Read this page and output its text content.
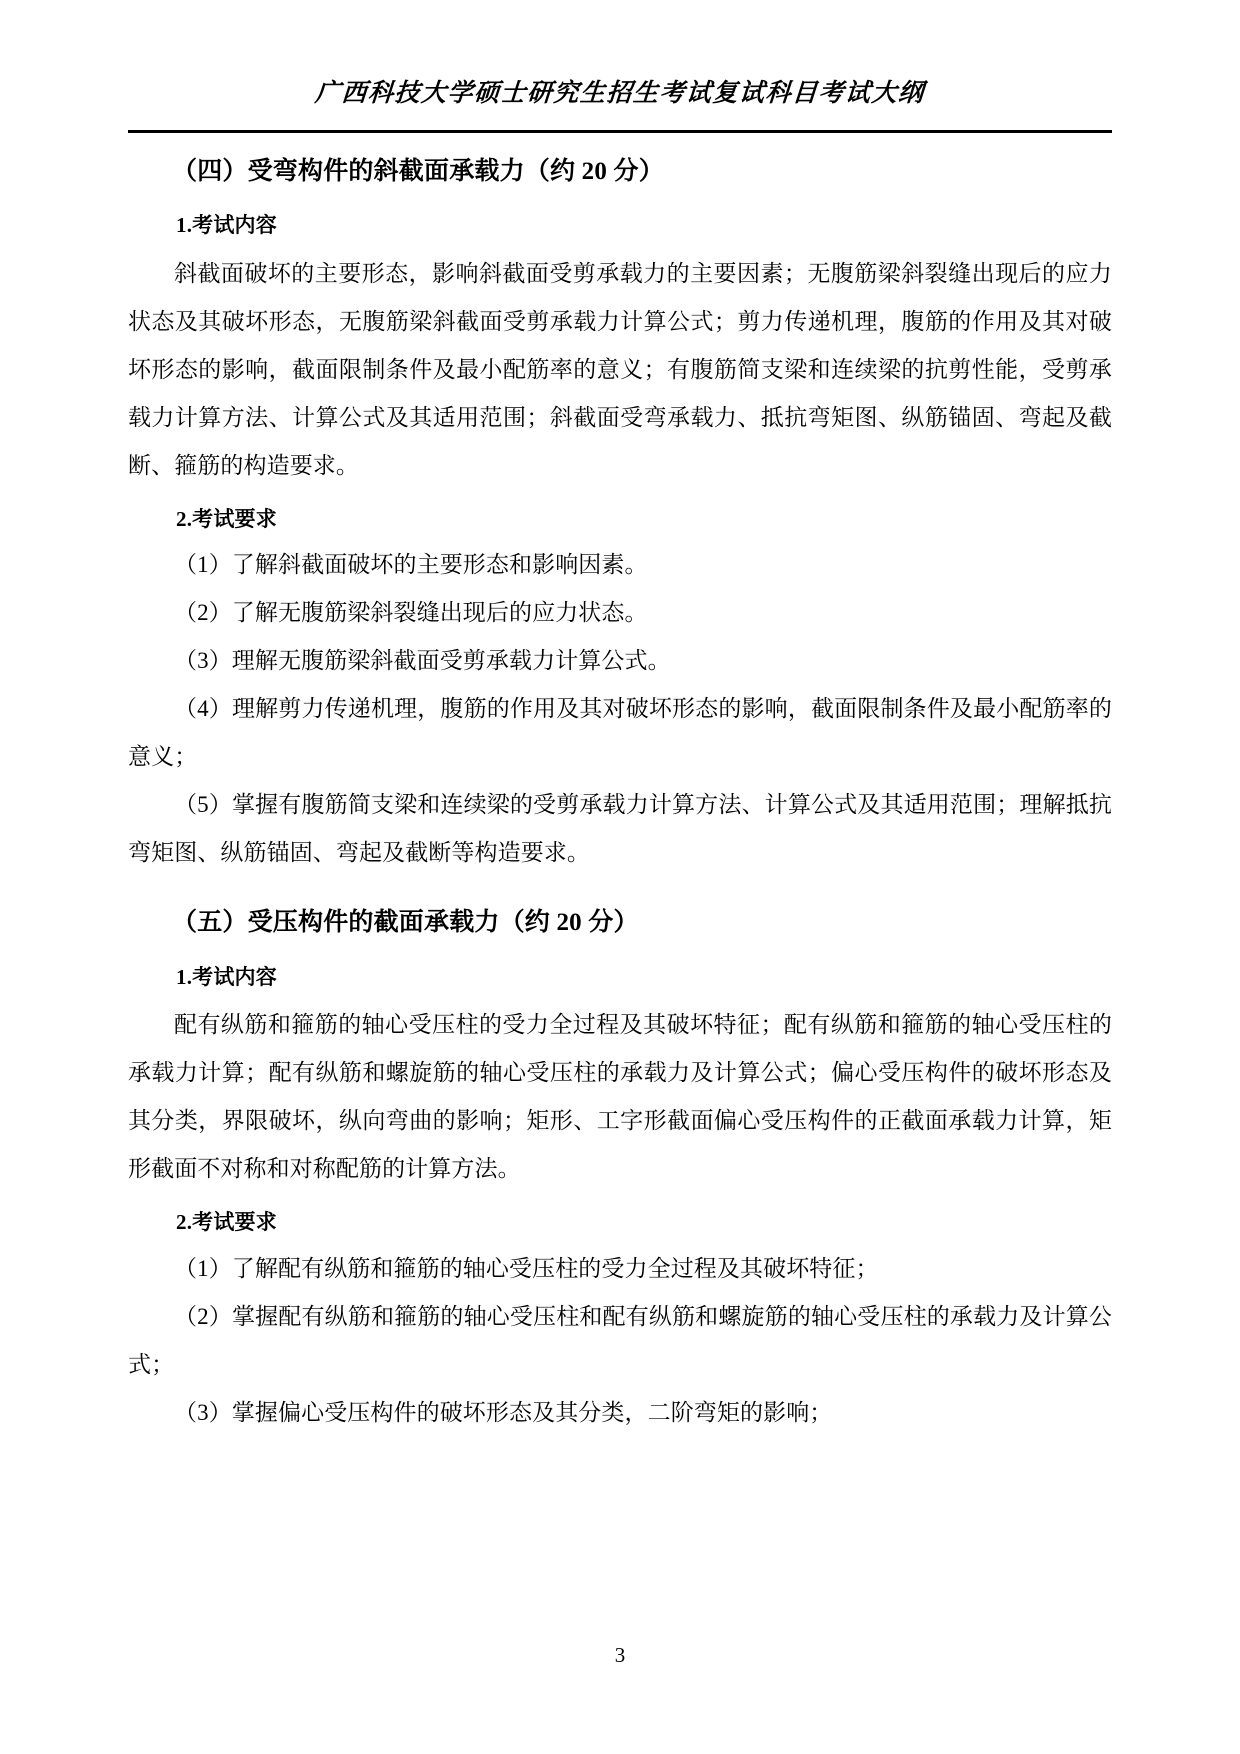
广西科技大学硕士研究生招生考试复试科目考试大纲
（四）受弯构件的斜截面承载力（约 20 分）
1.考试内容

斜截面破坏的主要形态，影响斜截面受剪承载力的主要因素；无腹筋梁斜裂缝出现后的应力状态及其破坏形态，无腹筋梁斜截面受剪承载力计算公式；剪力传递机理，腹筋的作用及其对破坏形态的影响，截面限制条件及最小配筋率的意义；有腹筋简支梁和连续梁的抗剪性能，受剪承载力计算方法、计算公式及其适用范围；斜截面受弯承载力、抵抗弯矩图、纵筋锚固、弯起及截断、箍筋的构造要求。

2.考试要求

（1）了解斜截面破坏的主要形态和影响因素。

（2）了解无腹筋梁斜裂缝出现后的应力状态。

（3）理解无腹筋梁斜截面受剪承载力计算公式。

（4）理解剪力传递机理，腹筋的作用及其对破坏形态的影响，截面限制条件及最小配筋率的意义；

（5）掌握有腹筋简支梁和连续梁的受剪承载力计算方法、计算公式及其适用范围；理解抵抗弯矩图、纵筋锚固、弯起及截断等构造要求。

（五）受压构件的截面承载力（约 20 分）
1.考试内容

配有纵筋和箍筋的轴心受压柱的受力全过程及其破坏特征；配有纵筋和箍筋的轴心受压柱的承载力计算；配有纵筋和螺旋筋的轴心受压柱的承载力及计算公式；偏心受压构件的破坏形态及其分类，界限破坏，纵向弯曲的影响；矩形、工字形截面偏心受压构件的正截面承载力计算，矩形截面不对称和对称配筋的计算方法。

2.考试要求

（1）了解配有纵筋和箍筋的轴心受压柱的受力全过程及其破坏特征；

（2）掌握配有纵筋和箍筋的轴心受压柱和配有纵筋和螺旋筋的轴心受压柱的承载力及计算公式；

（3）掌握偏心受压构件的破坏形态及其分类，二阶弯矩的影响；

3
